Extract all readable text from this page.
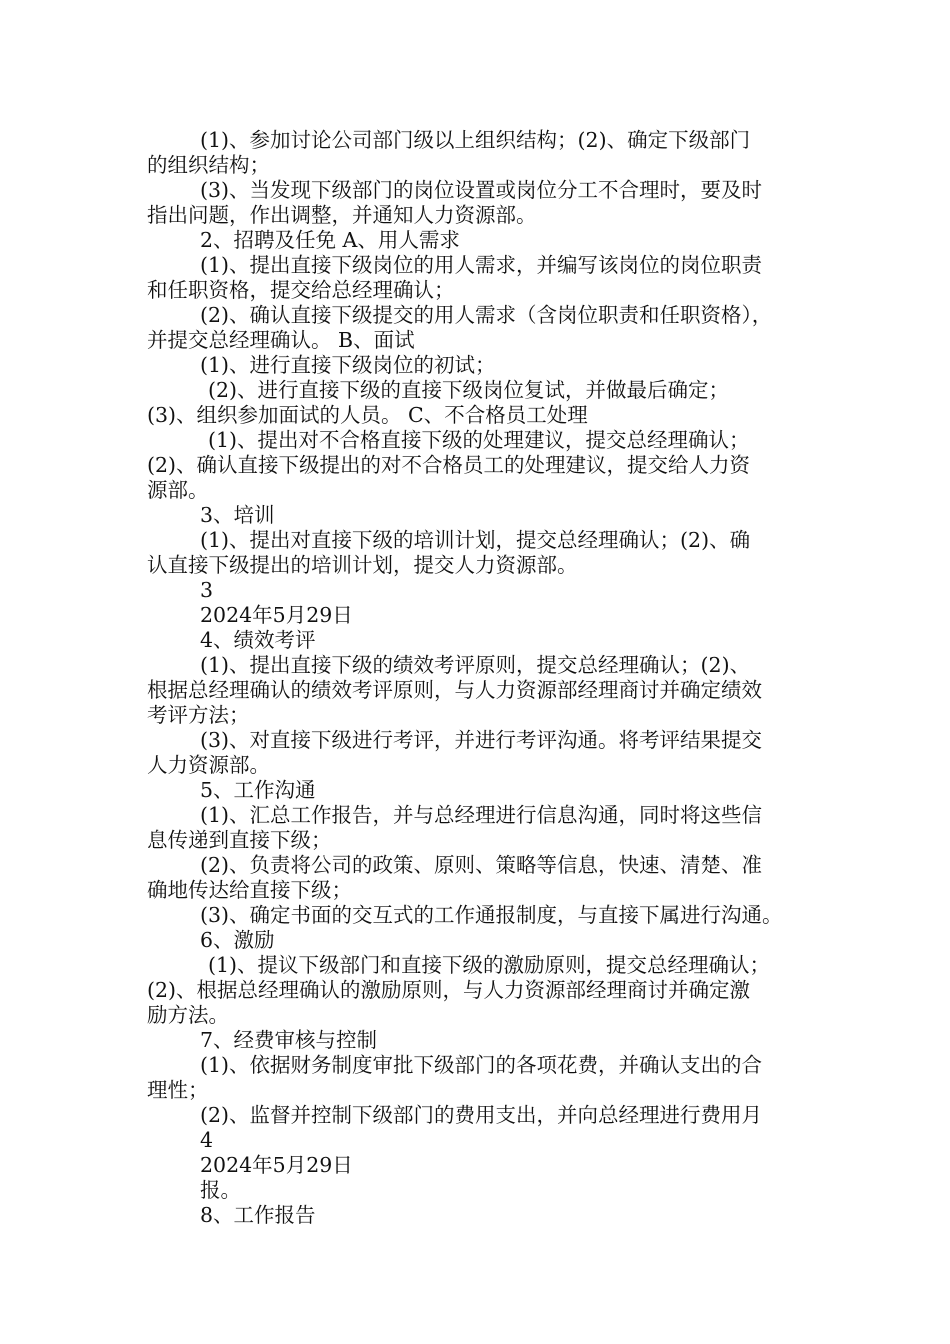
(1)、参加讨论公司部门级以上组织结构；(2)、确定下级部门
的组织结构；
(3)、当发现下级部门的岗位设置或岗位分工不合理时，要及时
指出问题，作出调整，并通知人力资源部。
2、招聘及任免 A、用人需求
(1)、提出直接下级岗位的用人需求，并编写该岗位的岗位职责
和任职资格，提交给总经理确认；
(2)、确认直接下级提交的用人需求（含岗位职责和任职资格），
并提交总经理确认。 B、面试
(1)、进行直接下级岗位的初试；
(2)、进行直接下级的直接下级岗位复试，并做最后确定；
(3)、组织参加面试的人员。 C、不合格员工处理
(1)、提出对不合格直接下级的处理建议，提交总经理确认；
(2)、确认直接下级提出的对不合格员工的处理建议，提交给人力资
源部。
3、培训
(1)、提出对直接下级的培训计划，提交总经理确认；(2)、确
认直接下级提出的培训计划，提交人力资源部。
3
2024年5月29日
4、绩效考评
(1)、提出直接下级的绩效考评原则，提交总经理确认；(2)、
根据总经理确认的绩效考评原则，与人力资源部经理商讨并确定绩效
考评方法；
(3)、对直接下级进行考评，并进行考评沟通。将考评结果提交
人力资源部。
5、工作沟通
(1)、汇总工作报告，并与总经理进行信息沟通，同时将这些信
息传递到直接下级；
(2)、负责将公司的政策、原则、策略等信息，快速、清楚、准
确地传达给直接下级；
(3)、确定书面的交互式的工作通报制度，与直接下属进行沟通。
6、激励
(1)、提议下级部门和直接下级的激励原则，提交总经理确认；
(2)、根据总经理确认的激励原则，与人力资源部经理商讨并确定激
励方法。
7、经费审核与控制
(1)、依据财务制度审批下级部门的各项花费，并确认支出的合
理性；
(2)、监督并控制下级部门的费用支出，并向总经理进行费用月
4
2024年5月29日
报。
8、工作报告
